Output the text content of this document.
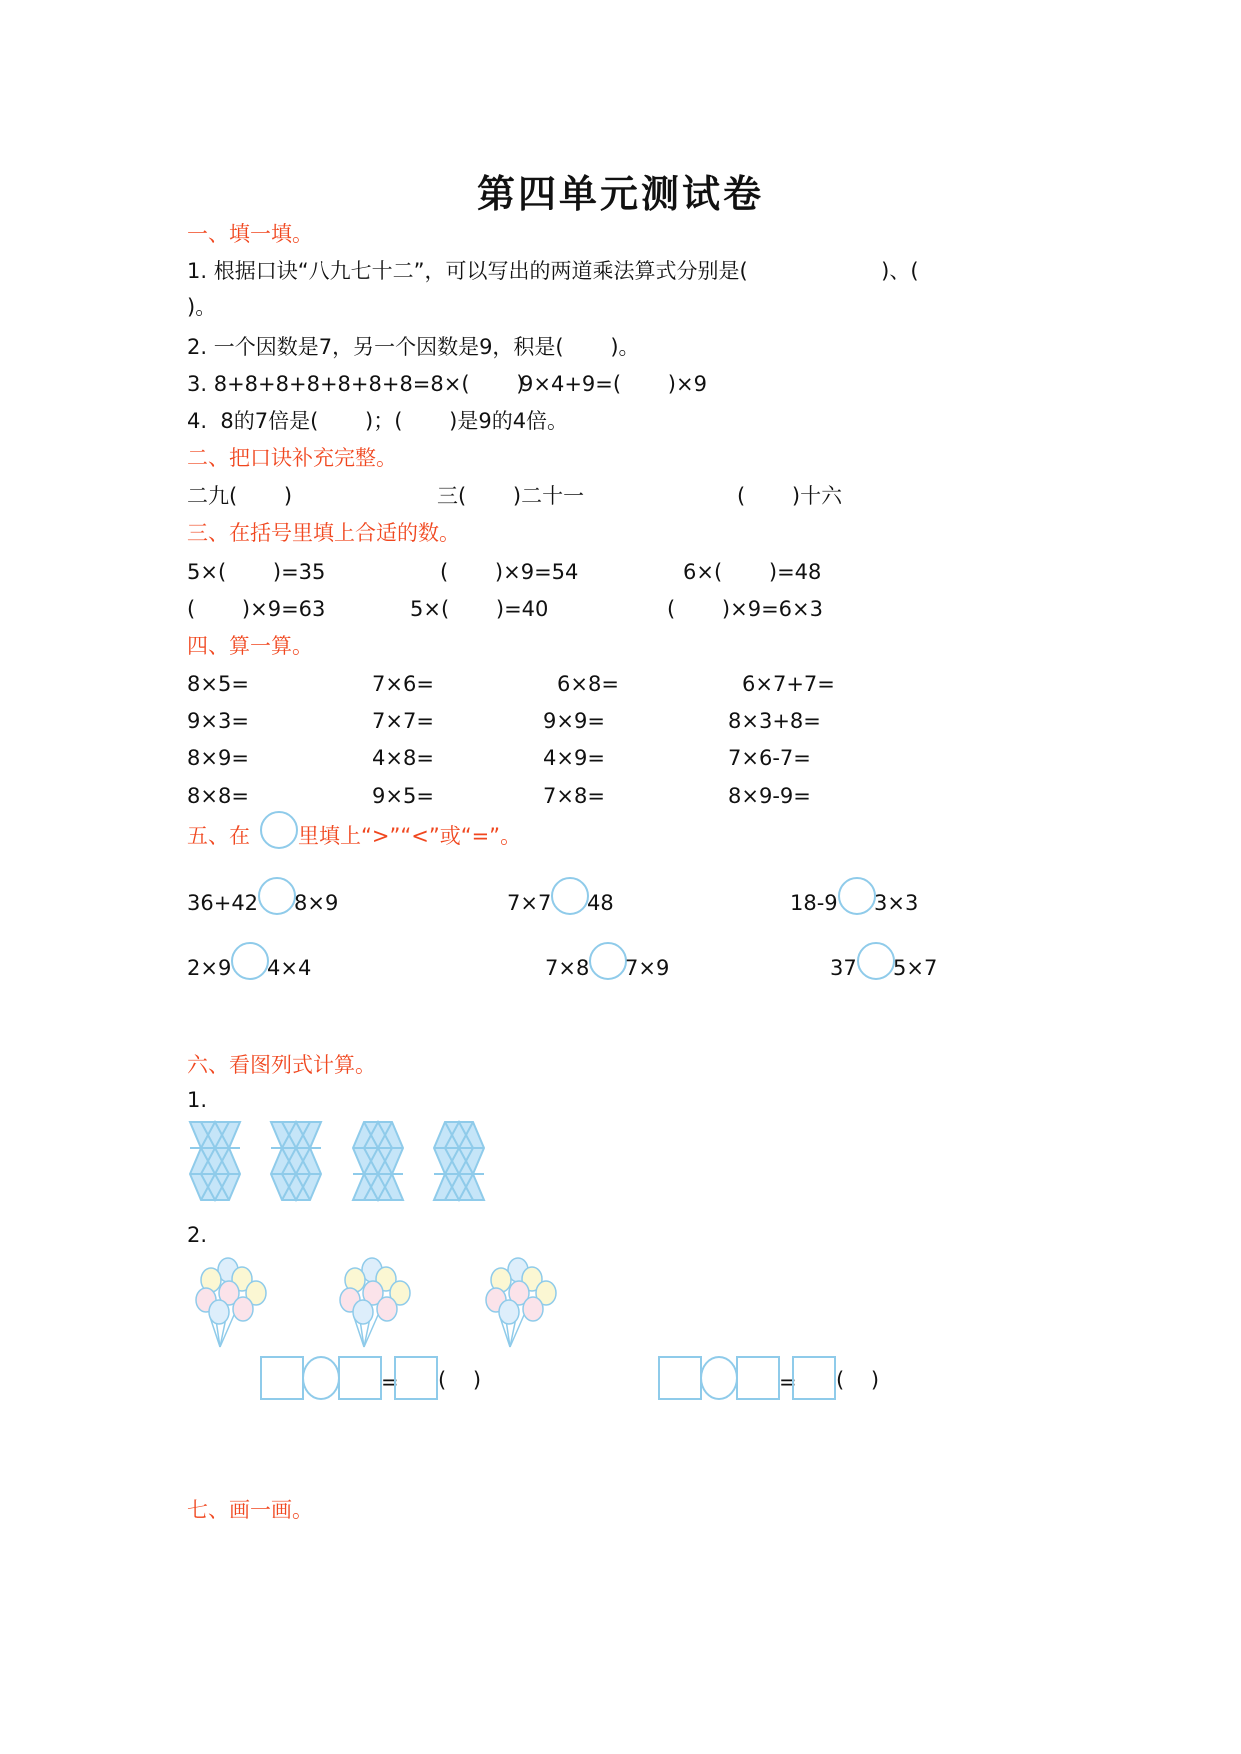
第四单元测试卷
一、填一填。
1. 根据口诀“八九七十二”，可以写出的两道乘法算式分别是(                    )、(
)。
2. 一个因数是7，另一个因数是9，积是(       )。
3. 8+8+8+8+8+8+8=8×(       )
9×4+9=(       )×9
4.  8的7倍是(       )；(       )是9的4倍。
二、把口诀补充完整。
二九(       )	三(       )二十一	(       )十六
三、在括号里填上合适的数。
5×(       )=35	(       )×9=54	6×(       )=48
(       )×9=63	5×(       )=40	(       )×9=6×3
四、算一算。
五、在 里填上“>”“<”或“=”。
六、看图列式计算。
1.
2.
七、画一画。
8×5=	7×6=	6×8=	6×7+7=
9×3=	7×7=	9×9=	8×3+8=
8×9=	4×8=	4×9=	7×6-7=
8×8=	9×5=	7×8=	8×9-9=
36+42 8×9	7×7 48	18-9 3×3
2×9 4×4	7×8 7×9	37 5×7
= (    )	= (    )
